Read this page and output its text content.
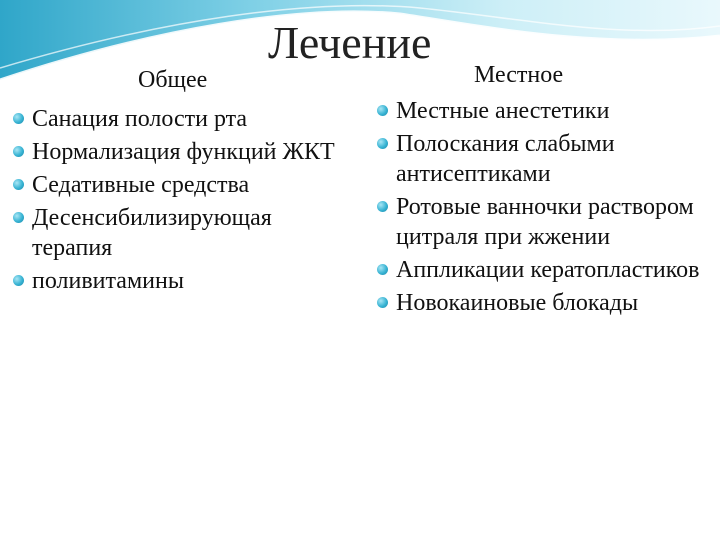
Лечение
Общее	Местное
Санация полости рта
Нормализация функций ЖКТ
Седативные средства
Десенсибилизирующая терапия
поливитамины
Местные анестетики
Полоскания слабыми антисептиками
Ротовые ванночки раствором цитраля при жжении
Аппликации кератопластиков
Новокаиновые блокады
